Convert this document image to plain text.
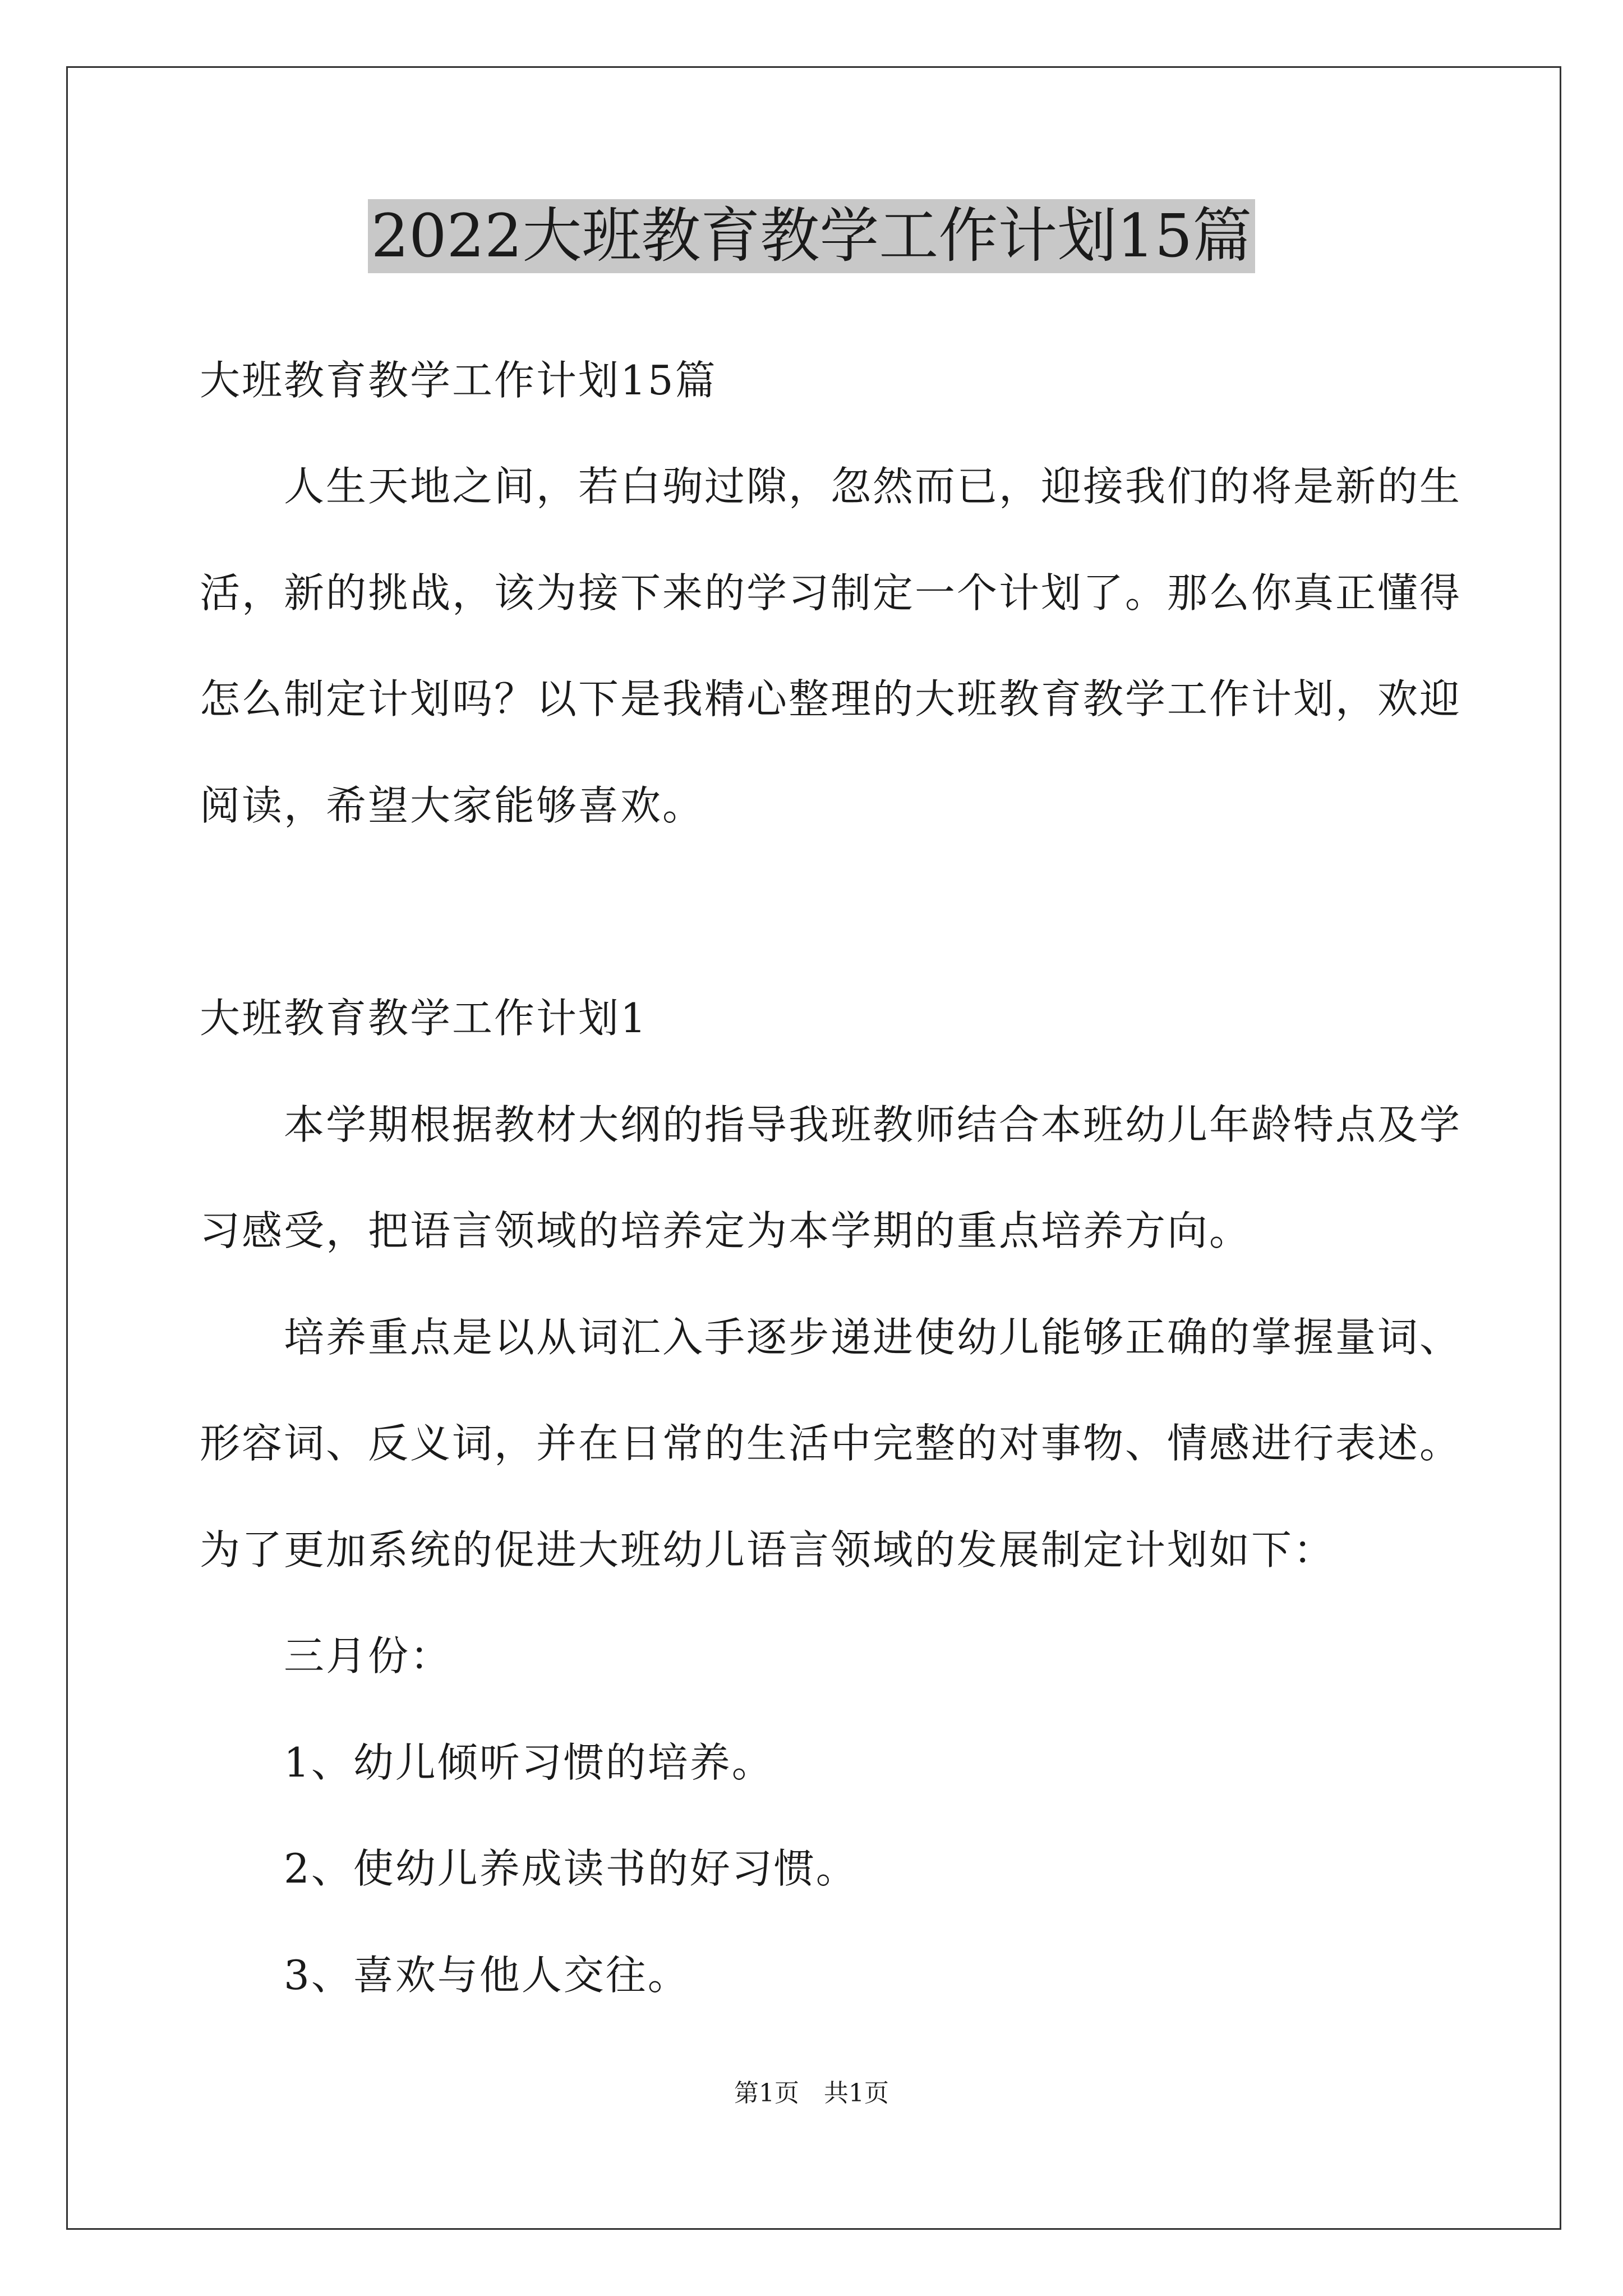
2022大班教育教学工作计划15篇
大班教育教学工作计划15篇
　　人生天地之间，若白驹过隙，忽然而已，迎接我们的将是新的生
活，新的挑战，该为接下来的学习制定一个计划了。那么你真正懂得
怎么制定计划吗？以下是我精心整理的大班教育教学工作计划，欢迎
阅读，希望大家能够喜欢。
大班教育教学工作计划1
　　本学期根据教材大纲的指导我班教师结合本班幼儿年龄特点及学
习感受，把语言领域的培养定为本学期的重点培养方向。
　　培养重点是以从词汇入手逐步递进使幼儿能够正确的掌握量词、
形容词、反义词，并在日常的生活中完整的对事物、情感进行表述。
为了更加系统的促进大班幼儿语言领域的发展制定计划如下：
　　三月份：
　　1、幼儿倾听习惯的培养。
　　2、使幼儿养成读书的好习惯。
　　3、喜欢与他人交往。
第1页　共1页
